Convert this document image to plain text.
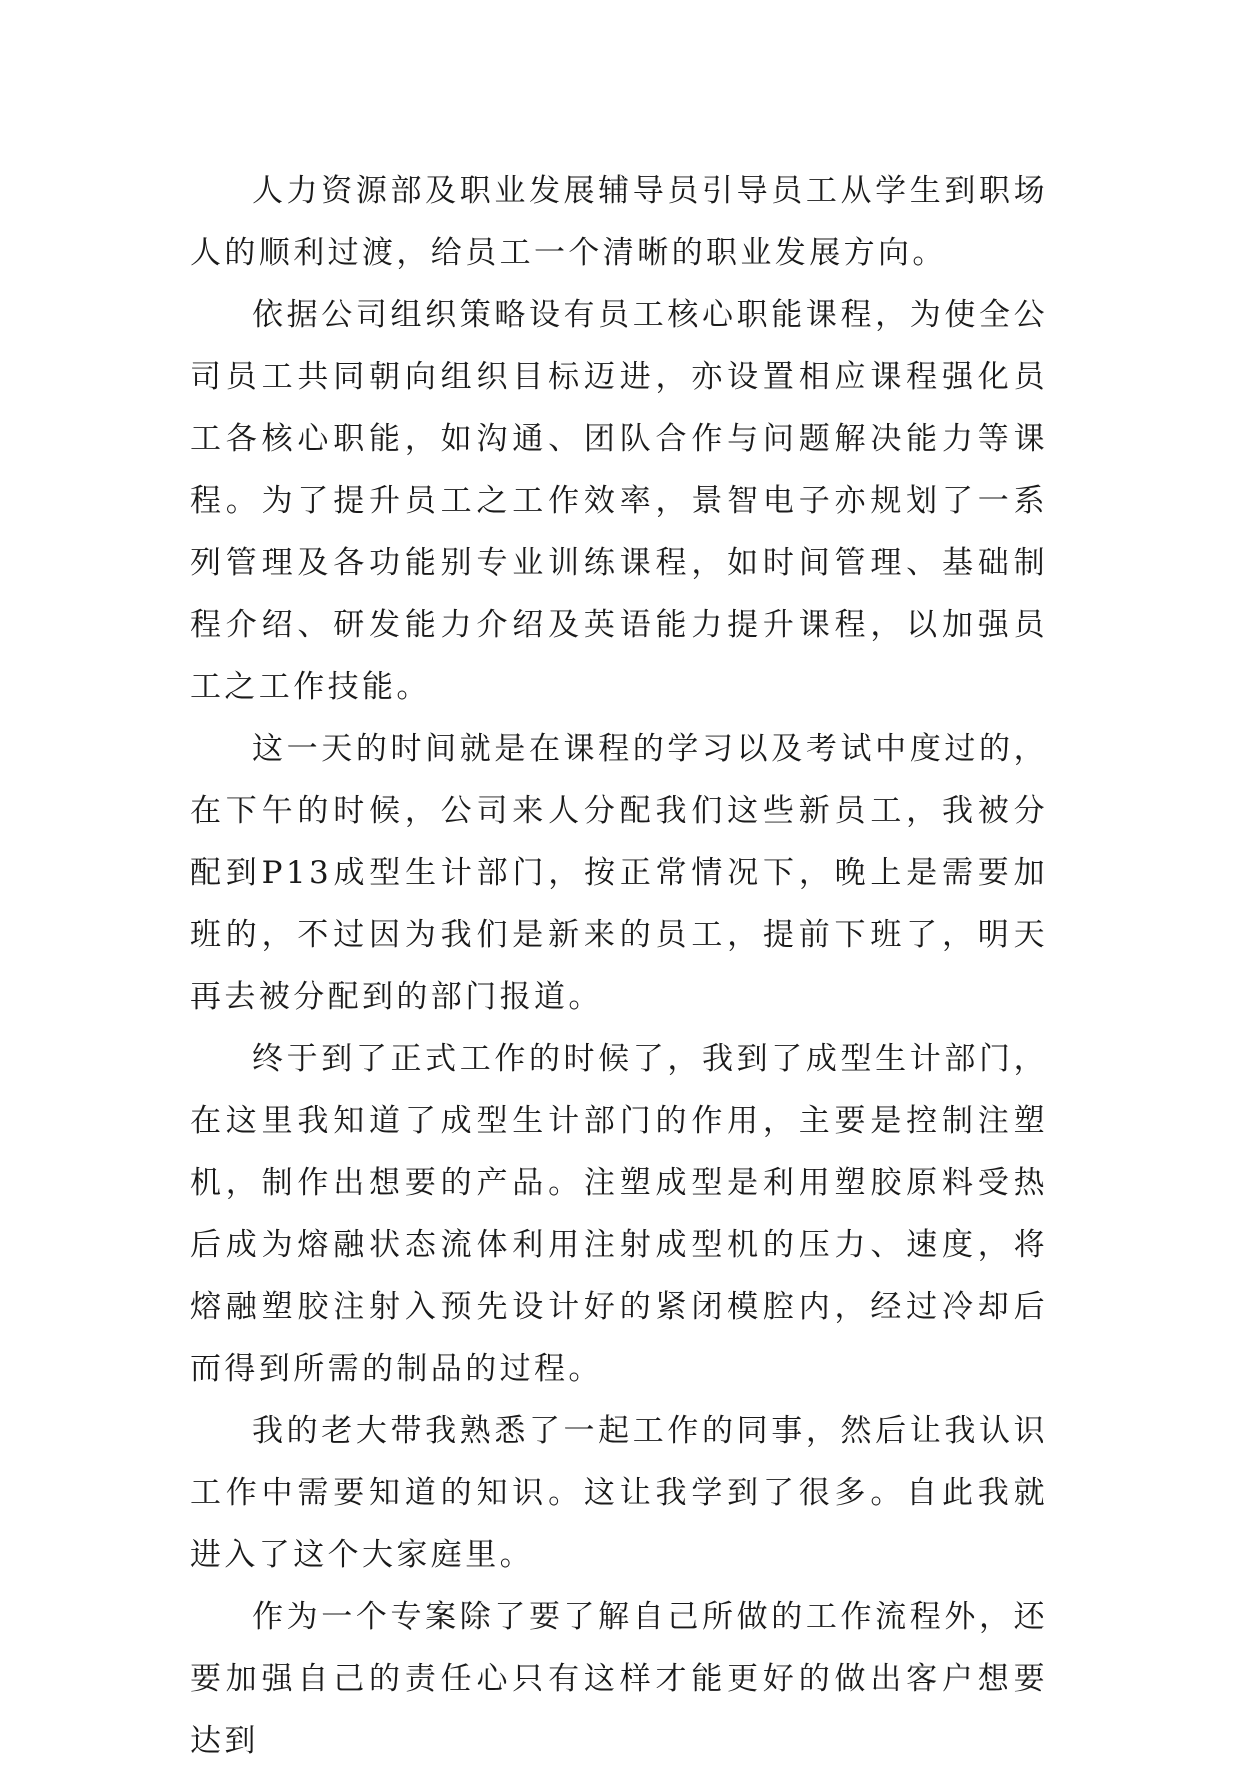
人力资源部及职业发展辅导员引导员工从学生到职场人的顺利过渡，给员工一个清晰的职业发展方向。

依据公司组织策略设有员工核心职能课程，为使全公司员工共同朝向组织目标迈进，亦设置相应课程强化员工各核心职能，如沟通、团队合作与问题解决能力等课程。为了提升员工之工作效率，景智电子亦规划了一系列管理及各功能别专业训练课程，如时间管理、基础制程介绍、研发能力介绍及英语能力提升课程，以加强员工之工作技能。

这一天的时间就是在课程的学习以及考试中度过的，在下午的时候，公司来人分配我们这些新员工，我被分配到P13成型生计部门，按正常情况下，晚上是需要加班的，不过因为我们是新来的员工，提前下班了，明天再去被分配到的部门报道。

终于到了正式工作的时候了，我到了成型生计部门，在这里我知道了成型生计部门的作用，主要是控制注塑机，制作出想要的产品。注塑成型是利用塑胶原料受热后成为熔融状态流体利用注射成型机的压力、速度，将熔融塑胶注射入预先设计好的紧闭模腔内，经过冷却后而得到所需的制品的过程。

我的老大带我熟悉了一起工作的同事，然后让我认识工作中需要知道的知识。这让我学到了很多。自此我就进入了这个大家庭里。

作为一个专案除了要了解自己所做的工作流程外，还要加强自己的责任心只有这样才能更好的做出客户想要达到
